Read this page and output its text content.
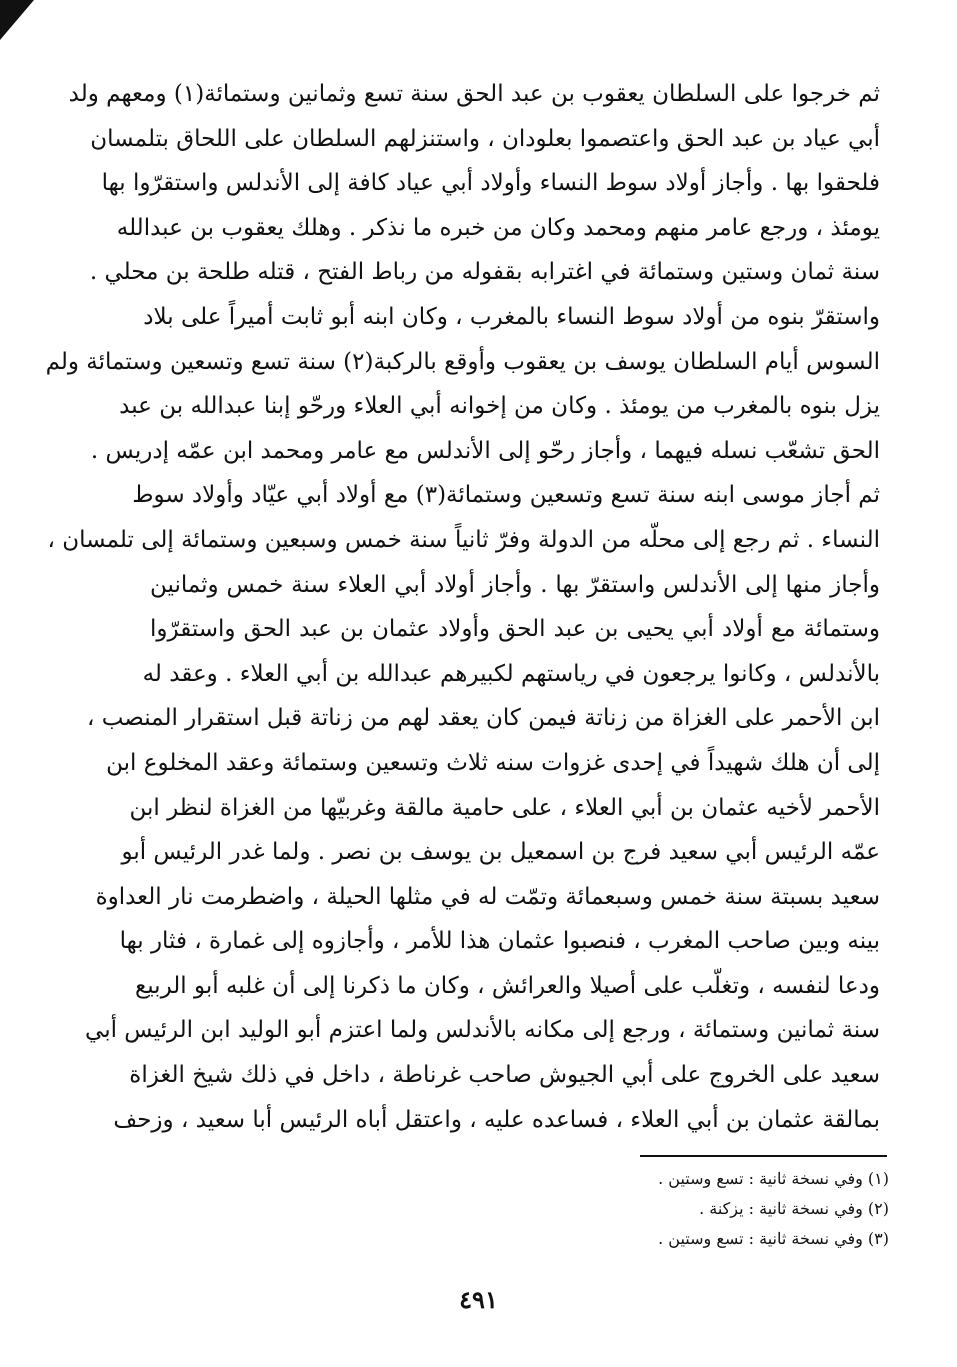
ثم خرجوا على السلطان يعقوب بن عبد الحق سنة تسع وثمانين وستمائة(١) ومعهم ولد
أبي عياد بن عبد الحق واعتصموا بعلودان ، واستنزلهم السلطان على اللحاق بتلمسان
فلحقوا بها . وأجاز أولاد سوط النساء وأولاد أبي عياد كافة إلى الأندلس واستقرّوا بها
يومئذ ، ورجع عامر منهم ومحمد وكان من خبره ما نذكر . وهلك يعقوب بن عبدالله
سنة ثمان وستين وستمائة في اغترابه بقفوله من رباط الفتح ، قتله طلحة بن محلي .
واستقرّ بنوه من أولاد سوط النساء بالمغرب ، وكان ابنه أبو ثابت أميراً على بلاد
السوس أيام السلطان يوسف بن يعقوب وأوقع بالركبة(٢) سنة تسع وتسعين وستمائة ولم
يزل بنوه بالمغرب من يومئذ . وكان من إخوانه أبي العلاء ورحّو إبنا عبدالله بن عبد
الحق تشعّب نسله فيهما ، وأجاز رحّو إلى الأندلس مع عامر ومحمد ابن عمّه إدريس .
ثم أجاز موسى ابنه سنة تسع وتسعين وستمائة(٣) مع أولاد أبي عيّاد وأولاد سوط
النساء . ثم رجع إلى محلّه من الدولة وفرّ ثانياً سنة خمس وسبعين وستمائة إلى تلمسان ،
وأجاز منها إلى الأندلس واستقرّ بها . وأجاز أولاد أبي العلاء سنة خمس وثمانين
وستمائة مع أولاد أبي يحيى بن عبد الحق وأولاد عثمان بن عبد الحق واستقرّوا
بالأندلس ، وكانوا يرجعون في رياستهم لكبيرهم عبدالله بن أبي العلاء . وعقد له
ابن الأحمر على الغزاة من زناتة فيمن كان يعقد لهم من زناتة قبل استقرار المنصب ،
إلى أن هلك شهيداً في إحدى غزوات سنه ثلاث وتسعين وستمائة وعقد المخلوع ابن
الأحمر لأخيه عثمان بن أبي العلاء ، على حامية مالقة وغربيّها من الغزاة لنظر ابن
عمّه الرئيس أبي سعيد فرج بن اسمعيل بن يوسف بن نصر . ولما غدر الرئيس أبو
سعيد بسبتة سنة خمس وسبعمائة وتمّت له في مثلها الحيلة ، واضطرمت نار العداوة
بينه وبين صاحب المغرب ، فنصبوا عثمان هذا للأمر ، وأجازوه إلى غمارة ، فثار بها
ودعا لنفسه ، وتغلّب على أصيلا والعرائش ، وكان ما ذكرنا إلى أن غلبه أبو الربيع
سنة ثمانين وستمائة ، ورجع إلى مكانه بالأندلس ولما اعتزم أبو الوليد ابن الرئيس أبي
سعيد على الخروج على أبي الجيوش صاحب غرناطة ، داخل في ذلك شيخ الغزاة
بمالقة عثمان بن أبي العلاء ، فساعده عليه ، واعتقل أباه الرئيس أبا سعيد ، وزحف
(١) وفي نسخة ثانية : تسع وستين .
(٢) وفي نسخة ثانية : يزكنة .
(٣) وفي نسخة ثانية : تسع وستين .
٤٩١
